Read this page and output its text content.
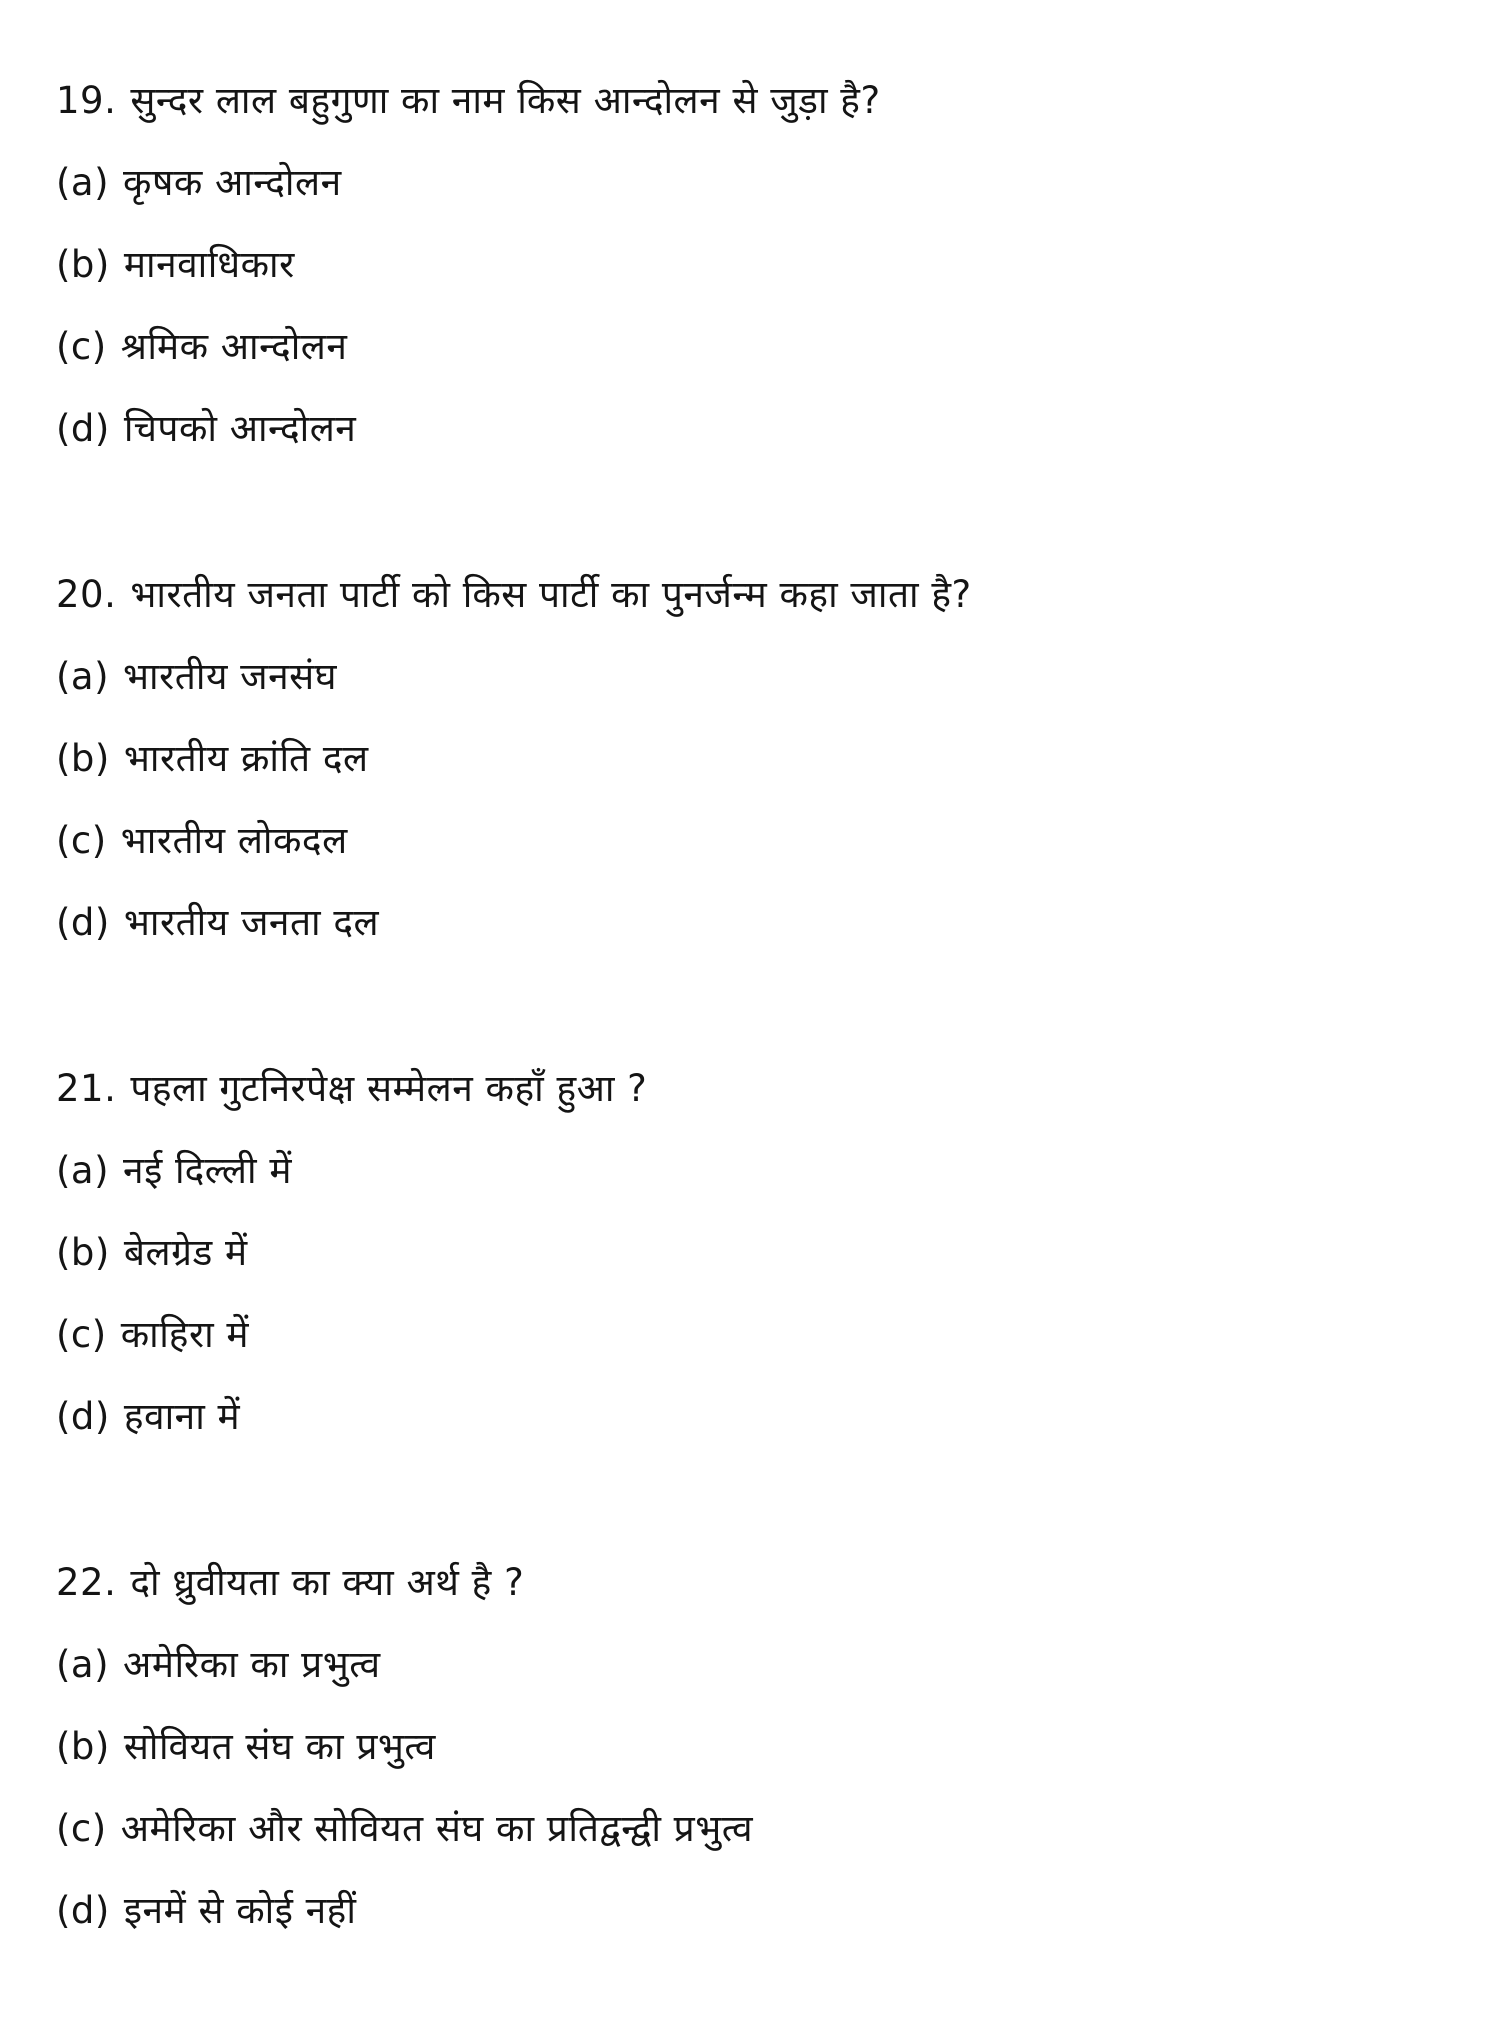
19. सुन्दर लाल बहुगुणा का नाम किस आन्दोलन से जुड़ा है?
(a) कृषक आन्दोलन
(b) मानवाधिकार
(c) श्रमिक आन्दोलन
(d) चिपको आन्दोलन
20. भारतीय जनता पार्टी को किस पार्टी का पुनर्जन्म कहा जाता है?
(a) भारतीय जनसंघ
(b) भारतीय क्रांति दल
(c) भारतीय लोकदल
(d) भारतीय जनता दल
21. पहला गुटनिरपेक्ष सम्मेलन कहाँ हुआ ?
(a) नई दिल्ली में
(b) बेलग्रेड में
(c) काहिरा में
(d) हवाना में
22. दो ध्रुवीयता का क्या अर्थ है ?
(a) अमेरिका का प्रभुत्व
(b) सोवियत संघ का प्रभुत्व
(c) अमेरिका और सोवियत संघ का प्रतिद्वन्द्वी प्रभुत्व
(d) इनमें से कोई नहीं
